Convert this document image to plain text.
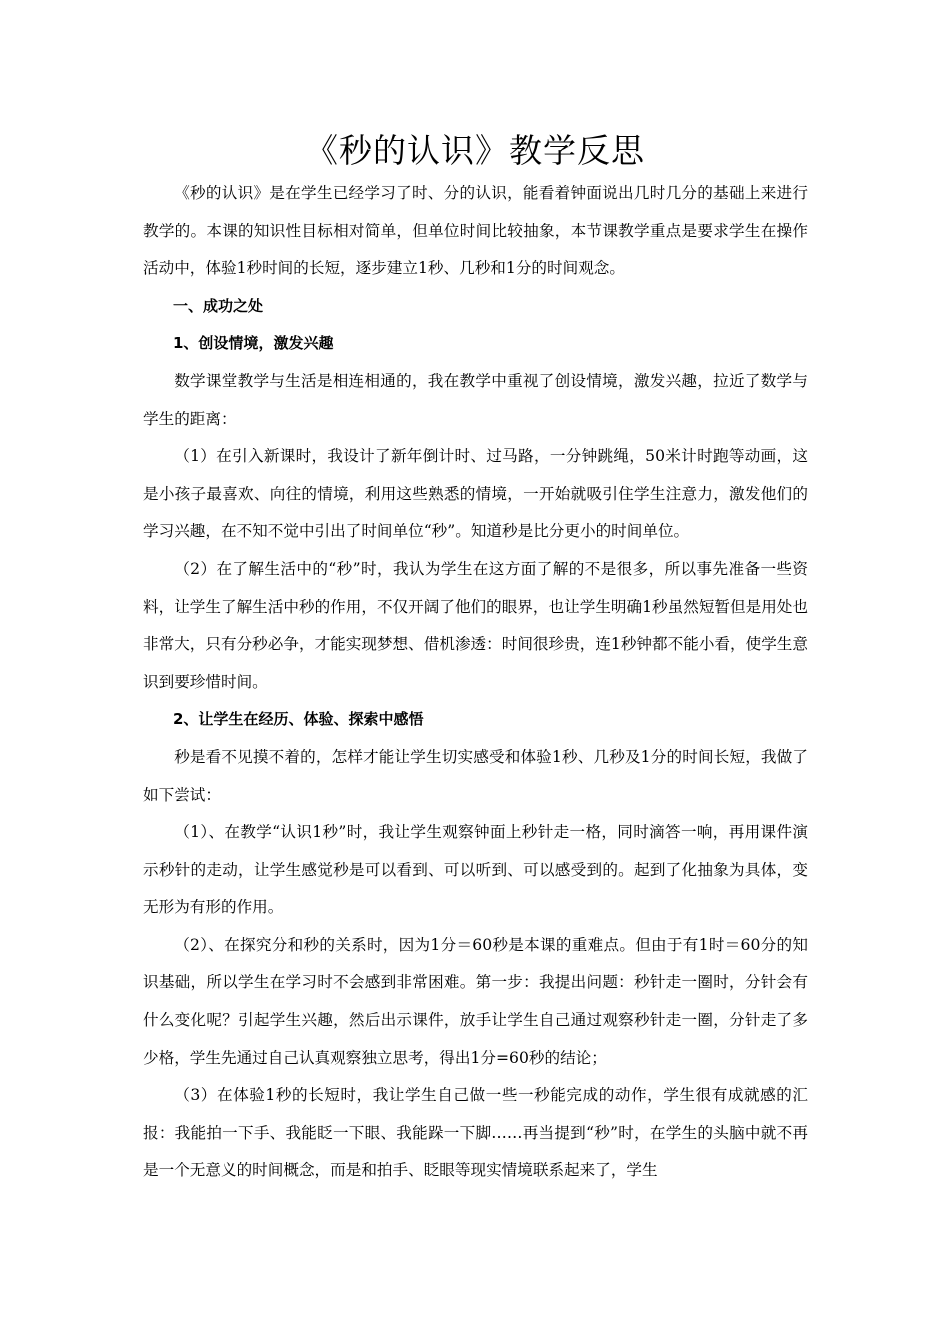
《秒的认识》教学反思

《秒的认识》是在学生已经学习了时、分的认识，能看着钟面说出几时几分的基础上来进行教学的。本课的知识性目标相对简单，但单位时间比较抽象，本节课教学重点是要求学生在操作活动中，体验1秒时间的长短，逐步建立1秒、几秒和1分的时间观念。

一、成功之处

1、创设情境，激发兴趣

数学课堂教学与生活是相连相通的，我在教学中重视了创设情境，激发兴趣，拉近了数学与学生的距离：

（1）在引入新课时，我设计了新年倒计时、过马路，一分钟跳绳，50米计时跑等动画，这是小孩子最喜欢、向往的情境，利用这些熟悉的情境，一开始就吸引住学生注意力，激发他们的学习兴趣，在不知不觉中引出了时间单位“秒”。知道秒是比分更小的时间单位。

（2）在了解生活中的“秒”时，我认为学生在这方面了解的不是很多，所以事先准备一些资料，让学生了解生活中秒的作用，不仅开阔了他们的眼界，也让学生明确1秒虽然短暂但是用处也非常大，只有分秒必争，才能实现梦想、借机渗透：时间很珍贵，连1秒钟都不能小看，使学生意识到要珍惜时间。

2、让学生在经历、体验、探索中感悟

秒是看不见摸不着的，怎样才能让学生切实感受和体验1秒、几秒及1分的时间长短，我做了如下尝试：

（1）、在教学“认识1秒”时，我让学生观察钟面上秒针走一格，同时滴答一响，再用课件演示秒针的走动，让学生感觉秒是可以看到、可以听到、可以感受到的。起到了化抽象为具体，变无形为有形的作用。

（2）、在探究分和秒的关系时，因为1分＝60秒是本课的重难点。但由于有1时＝60分的知识基础，所以学生在学习时不会感到非常困难。第一步：我提出问题：秒针走一圈时，分针会有什么变化呢？引起学生兴趣，然后出示课件，放手让学生自己通过观察秒针走一圈，分针走了多少格，学生先通过自己认真观察独立思考，得出1分=60秒的结论；

（3）在体验1秒的长短时，我让学生自己做一些一秒能完成的动作，学生很有成就感的汇报：我能拍一下手、我能眨一下眼、我能跺一下脚……再当提到“秒”时，在学生的头脑中就不再是一个无意义的时间概念，而是和拍手、眨眼等现实情境联系起来了，学生
